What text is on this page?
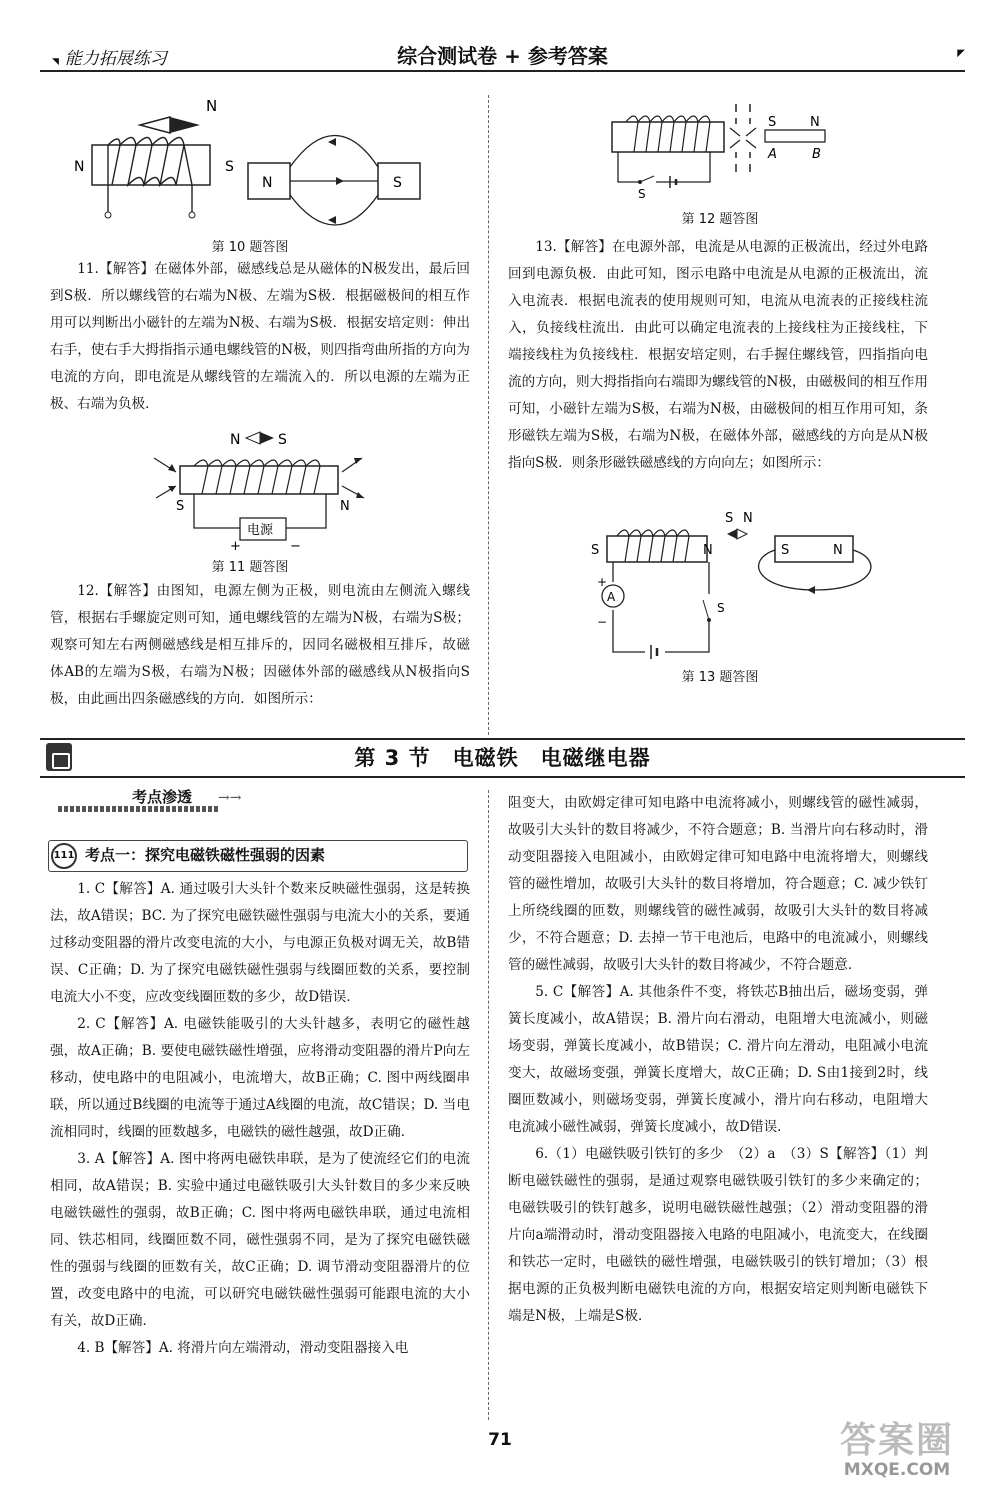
◥ 能力拓展练习	综合测试卷 + 参考答案	◤
N
N	S
N	S
第 10 题答图

11.【解答】在磁体外部，磁感线总是从磁体的N极发出，最后回到S极．所以螺线管的右端为N极、左端为S极．根据磁极间的相互作用可以判断出小磁针的左端为N极、右端为S极．根据安培定则：伸出右手，使右手大拇指指示通电螺线管的N极，则四指弯曲所指的方向为电流的方向，即电流是从螺线管的左端流入的．所以电源的左端为正极、右端为负极．

N	S
电源
+	−
S	N
第 11 题答图

12.【解答】由图知，电源左侧为正极，则电流由左侧流入螺线管，根据右手螺旋定则可知，通电螺线管的左端为N极，右端为S极；观察可知左右两侧磁感线是相互排斥的，因同名磁极相互排斥，故磁体AB的左端为S极，右端为N极；因磁体外部的磁感线从N极指向S极，由此画出四条磁感线的方向．如图所示：

S
S	N
A	B
第 12 题答图

13.【解答】在电源外部，电流是从电源的正极流出，经过外电路回到电源负极．由此可知，图示电路中电流是从电源的正极流出，流入电流表．根据电流表的使用规则可知，电流从电流表的正接线柱流入，负接线柱流出．由此可以确定电流表的上接线柱为正接线柱，下端接线柱为负接线柱．根据安培定则，右手握住螺线管，四指指向电流的方向，则大拇指指向右端即为螺线管的N极，由磁极间的相互作用可知，小磁针左端为S极，右端为N极，由磁极间的相互作用可知，条形磁铁左端为S极，右端为N极，在磁体外部，磁感线的方向是从N极指向S极．则条形磁铁磁感线的方向向左；如图所示：

S N
S	N
A
+
−
S
S	N
第 13 题答图
第 3 节　电磁铁　电磁继电器
考点渗透 →→
111 考点一：探究电磁铁磁性强弱的因素

1. C【解答】A. 通过吸引大头针个数来反映磁性强弱，这是转换法，故A错误；BC. 为了探究电磁铁磁性强弱与电流大小的关系，要通过移动变阻器的滑片改变电流的大小，与电源正负极对调无关，故B错误、C正确；D. 为了探究电磁铁磁性强弱与线圈匝数的关系，要控制电流大小不变，应改变线圈匝数的多少，故D错误．

2. C【解答】A. 电磁铁能吸引的大头针越多，表明它的磁性越强，故A正确；B. 要使电磁铁磁性增强，应将滑动变阻器的滑片P向左移动，使电路中的电阻减小，电流增大，故B正确；C. 图中两线圈串联，所以通过B线圈的电流等于通过A线圈的电流，故C错误；D. 当电流相同时，线圈的匝数越多，电磁铁的磁性越强，故D正确．

3. A【解答】A. 图中将两电磁铁串联，是为了使流经它们的电流相同，故A错误；B. 实验中通过电磁铁吸引大头针数目的多少来反映电磁铁磁性的强弱，故B正确；C. 图中将两电磁铁串联，通过电流相同、铁芯相同，线圈匝数不同，磁性强弱不同，是为了探究电磁铁磁性的强弱与线圈的匝数有关，故C正确；D. 调节滑动变阻器滑片的位置，改变电路中的电流，可以研究电磁铁磁性强弱可能跟电流的大小有关，故D正确．

4. B【解答】A. 将滑片向左端滑动，滑动变阻器接入电

阻变大，由欧姆定律可知电路中电流将减小，则螺线管的磁性减弱，故吸引大头针的数目将减少，不符合题意；B. 当滑片向右移动时，滑动变阻器接入电阻减小，由欧姆定律可知电路中电流将增大，则螺线管的磁性增加，故吸引大头针的数目将增加，符合题意；C. 减少铁钉上所绕线圈的匝数，则螺线管的磁性减弱，故吸引大头针的数目将减少，不符合题意；D. 去掉一节干电池后，电路中的电流减小，则螺线管的磁性减弱，故吸引大头针的数目将减少，不符合题意．

5. C【解答】A. 其他条件不变，将铁芯B抽出后，磁场变弱，弹簧长度减小，故A错误；B. 滑片向右滑动，电阻增大电流减小，则磁场变弱，弹簧长度减小，故B错误；C. 滑片向左滑动，电阻减小电流变大，故磁场变强，弹簧长度增大，故C正确；D. S由1接到2时，线圈匝数减小，则磁场变弱，弹簧长度减小，滑片向右移动，电阻增大电流减小磁性减弱，弹簧长度减小，故D错误．

6.（1）电磁铁吸引铁钉的多少　（2）a　（3）S【解答】（1）判断电磁铁磁性的强弱，是通过观察电磁铁吸引铁钉的多少来确定的；电磁铁吸引的铁钉越多，说明电磁铁磁性越强；（2）滑动变阻器的滑片向a端滑动时，滑动变阻器接入电路的电阻减小，电流变大，在线圈和铁芯一定时，电磁铁的磁性增强，电磁铁吸引的铁钉增加；（3）根据电源的正负极判断电磁铁电流的方向，根据安培定则判断电磁铁下端是N极，上端是S极．

71	答案圈
MXQE.COM
